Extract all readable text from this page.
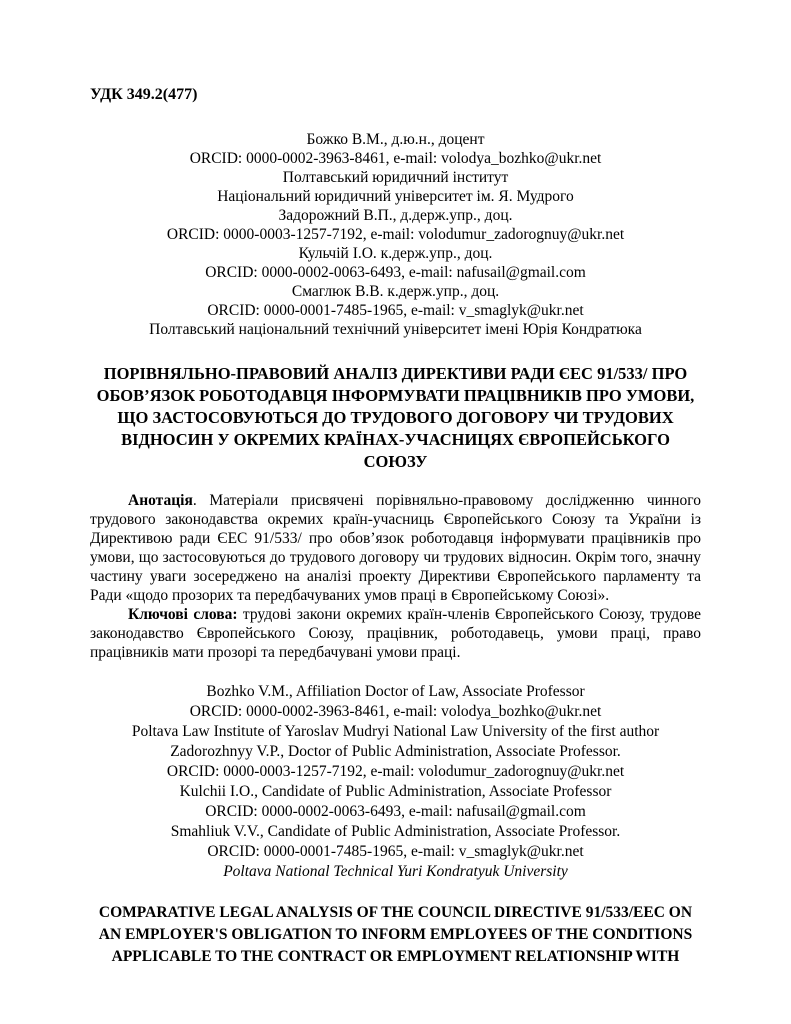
УДК 349.2(477)
Божко В.М., д.ю.н., доцент
ORCID: 0000-0002-3963-8461, e-mail: volodya_bozhko@ukr.net
Полтавський юридичний інститут
Національний юридичний університет ім. Я. Мудрого
Задорожний В.П., д.держ.упр., доц.
ORCID: 0000-0003-1257-7192, e-mail: volodumur_zadorognuy@ukr.net
Кульчій І.О. к.держ.упр., доц.
ORCID: 0000-0002-0063-6493, e-mail: nafusail@gmail.com
Смаглюк В.В. к.держ.упр., доц.
ORCID: 0000-0001-7485-1965, e-mail: v_smaglyk@ukr.net
Полтавський національний технічний університет імені Юрія Кондратюка
ПОРІВНЯЛЬНО-ПРАВОВИЙ АНАЛІЗ ДИРЕКТИВИ РАДИ ЄЕС 91/533/ ПРО ОБОВ’ЯЗОК РОБОТОДАВЦЯ ІНФОРМУВАТИ ПРАЦІВНИКІВ ПРО УМОВИ, ЩО ЗАСТОСОВУЮТЬСЯ ДО ТРУДОВОГО ДОГОВОРУ ЧИ ТРУДОВИХ ВІДНОСИН У ОКРЕМИХ КРАЇНАХ-УЧАСНИЦЯХ ЄВРОПЕЙСЬКОГО СОЮЗУ

Анотація. Матеріали присвячені порівняльно-правовому дослідженню чинного трудового законодавства окремих країн-учасниць Європейського Союзу та України із Директивою ради ЄЕС 91/533/ про обов’язок роботодавця інформувати працівників про умови, що застосовуються до трудового договору чи трудових відносин. Окрім того, значну частину уваги зосереджено на аналізі проекту Директиви Європейського парламенту та Ради «щодо прозорих та передбачуваних умов праці в Європейському Союзі».

Ключові слова: трудові закони окремих країн-членів Європейського Союзу, трудове законодавство Європейського Союзу, працівник, роботодавець, умови праці, право працівників мати прозорі та передбачувані умови праці.

Bozhko V.M., Affiliation Doctor of Law, Associate Professor
ORCID: 0000-0002-3963-8461, e-mail: volodya_bozhko@ukr.net
Poltava Law Institute of Yaroslav Mudryi National Law University of the first author
Zadorozhnyy V.P., Doctor of Public Administration, Associate Professor.
ORCID: 0000-0003-1257-7192, e-mail: volodumur_zadorognuy@ukr.net
Kulchii I.O., Candidate of Public Administration, Associate Professor
ORCID: 0000-0002-0063-6493, e-mail: nafusail@gmail.com
Smahliuk V.V., Candidate of Public Administration, Associate Professor.
ORCID: 0000-0001-7485-1965, e-mail: v_smaglyk@ukr.net
Poltava National Technical Yuri Kondratyuk University
COMPARATIVE LEGAL ANALYSIS OF THE COUNCIL DIRECTIVE 91/533/EEC ON AN EMPLOYER'S OBLIGATION TO INFORM EMPLOYEES OF THE CONDITIONS APPLICABLE TO THE CONTRACT OR EMPLOYMENT RELATIONSHIP WITH
